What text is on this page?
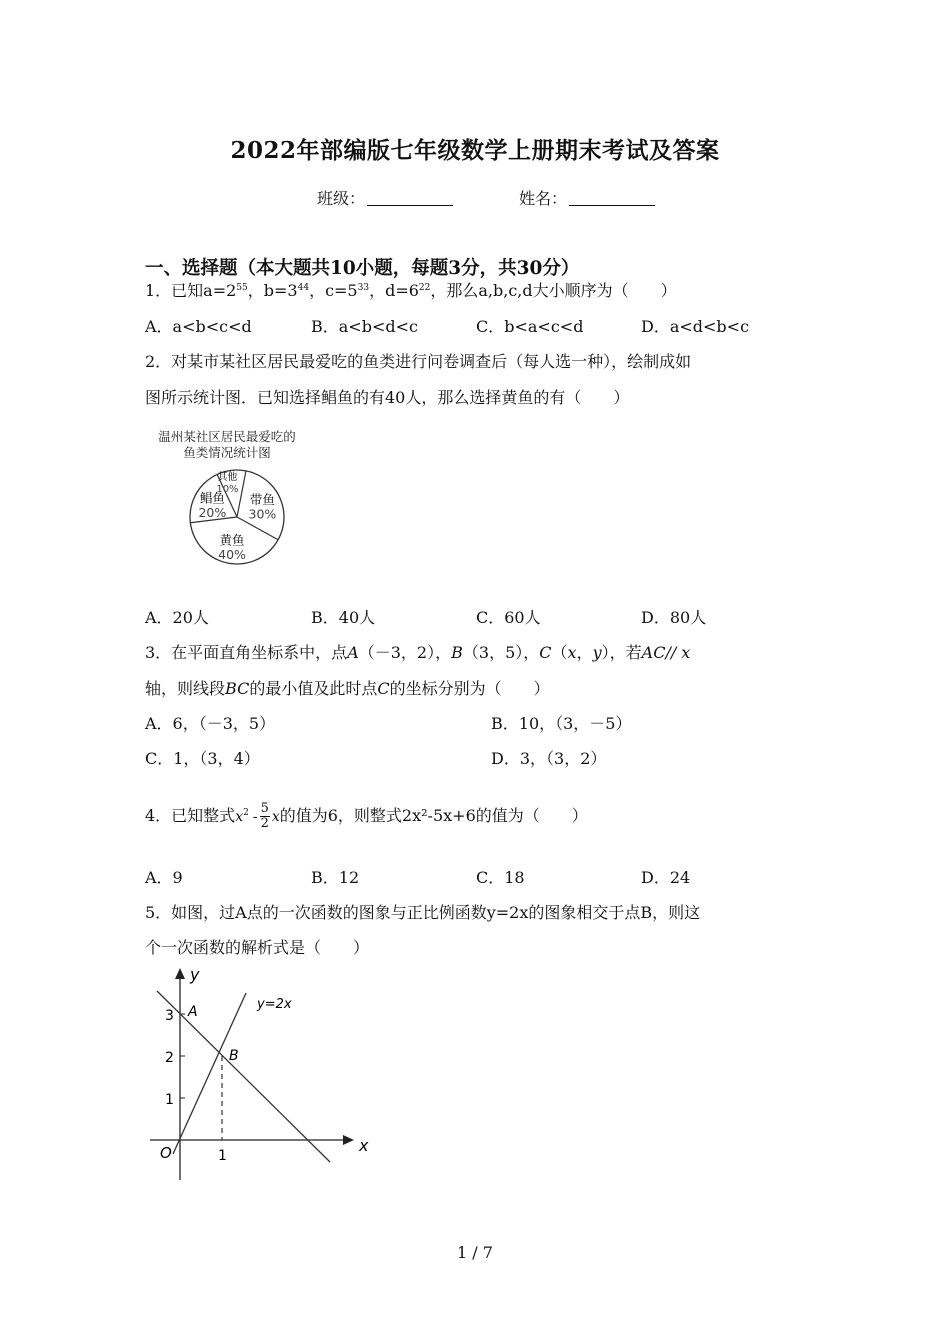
2022年部编版七年级数学上册期末考试及答案
班级：	姓名：
一、选择题（本大题共10小题，每题3分，共30分）
1．已知$a=2^{55}$，$b=3^{44}$，$c=5^{33}$，$d=6^{22}$，那么a,b,c,d大小顺序为（　　）
A．a<b<c<d	B．a<b<d<c	C．b<a<c<d	D．a<d<b<c
2．对某市某社区居民最爱吃的鱼类进行问卷调查后（每人选一种），绘制成如
图所示统计图．已知选择鲳鱼的有40人，那么选择黄鱼的有（　　）
温州某社区居民最爱吃的
鱼类情况统计图
其他
10%
带鱼
30%
黄鱼
40%
鲳鱼
20%
A．20人	B．40人	C．60人	D．80人
3．在平面直角坐标系中，点A（－3，2），B（3，5），C（x，y），若AC// x
轴，则线段BC的最小值及此时点C的坐标分别为（　　）
A．6，（－3，5）	B．10，（3，－5）
C．1，（3，4）	D．3，（3，2）
4．已知整式$x^2 - \frac{5}{2}$ x的值为6，则整式2x²-5x+6的值为（　　）
A．9	B．12	C．18	D．24
5．如图，过A点的一次函数的图象与正比例函数y=2x的图象相交于点B，则这
个一次函数的解析式是（　　）
y
x
O
3
2
1
1
A
B
y=2x
1 / 7
